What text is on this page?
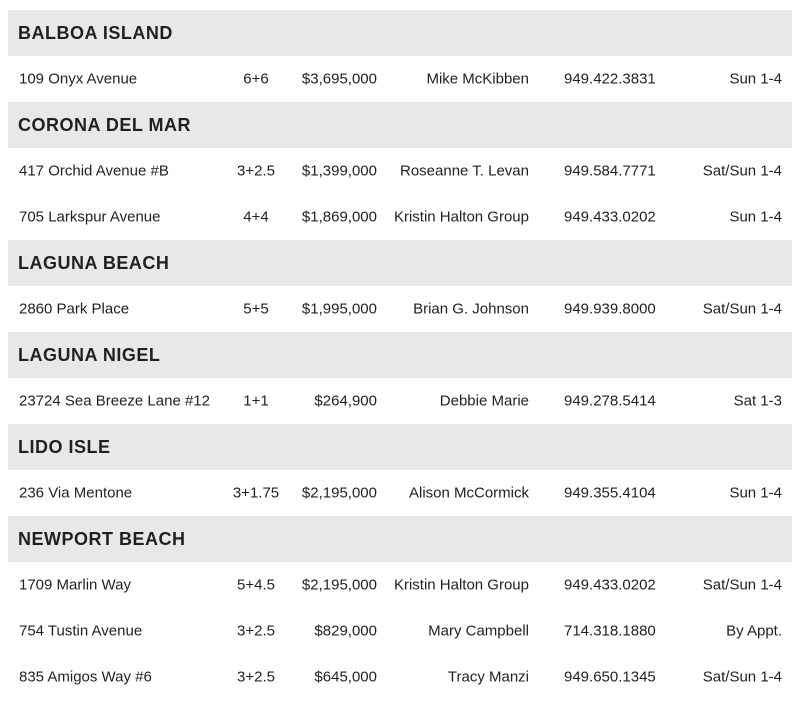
BALBOA ISLAND
109 Onyx Avenue	6+6	$3,695,000	Mike McKibben 949.422.3831	Sun 1-4
CORONA DEL MAR
417 Orchid Avenue #B	3+2.5	$1,399,000 Roseanne T. Levan 949.584.7771	Sat/Sun 1-4
705 Larkspur Avenue	4+4	$1,869,000 Kristin Halton Group 949.433.0202	Sun 1-4
LAGUNA BEACH
2860 Park Place	5+5	$1,995,000 Brian G. Johnson 949.939.8000	Sat/Sun 1-4
LAGUNA NIGEL
23724 Sea Breeze Lane #12	1+1	$264,900	Debbie Marie 949.278.5414	Sat 1-3
LIDO ISLE
236 Via Mentone	3+1.75	$2,195,000 Alison McCormick 949.355.4104	Sun 1-4
NEWPORT BEACH
1709 Marlin Way	5+4.5	$2,195,000 Kristin Halton Group 949.433.0202	Sat/Sun 1-4
754 Tustin Avenue	3+2.5	$829,000	Mary Campbell 714.318.1880	By Appt.
835 Amigos Way #6	3+2.5	$645,000	Tracy Manzi 949.650.1345	Sat/Sun 1-4
